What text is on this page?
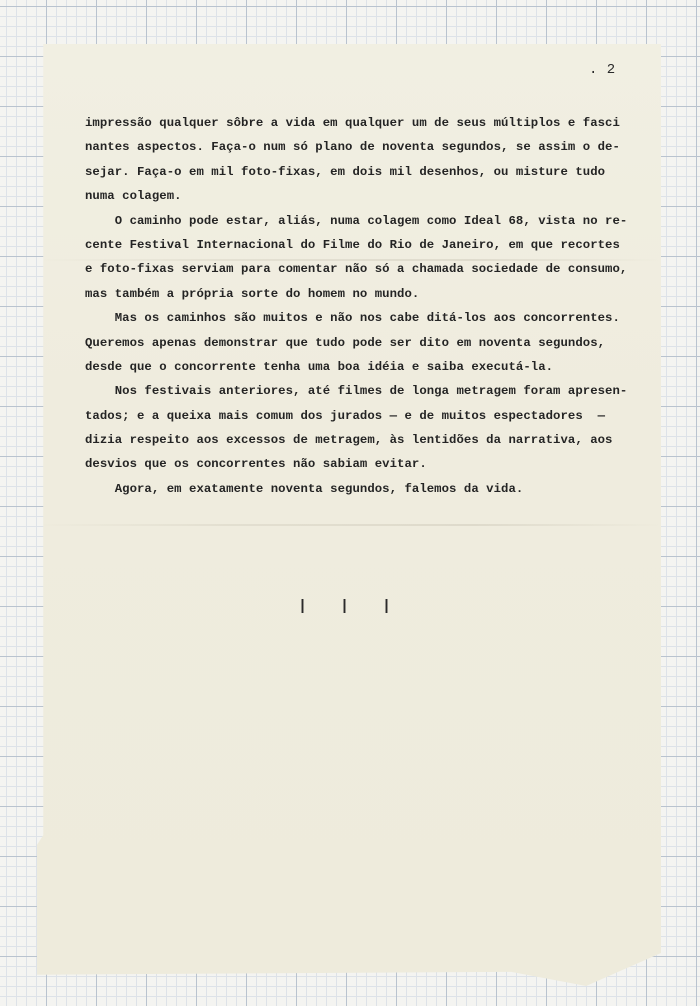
. 2

impressão qualquer sôbre a vida em qualquer um de seus múltiplos e fasci

nantes aspectos. Faça-o num só plano de noventa segundos, se assim o de-

sejar. Faça-o em mil foto-fixas, em dois mil desenhos, ou misture tudo

numa colagem.

O caminho pode estar, aliás, numa colagem como Ideal 68, vista no re-

cente Festival Internacional do Filme do Rio de Janeiro, em que recortes

e foto-fixas serviam para comentar não só a chamada sociedade de consumo,

mas também a própria sorte do homem no mundo.

Mas os caminhos são muitos e não nos cabe ditá-los aos concorrentes.

Queremos apenas demonstrar que tudo pode ser dito em noventa segundos,

desde que o concorrente tenha uma boa idéia e saiba executá-la.

Nos festivais anteriores, até filmes de longa metragem foram apresen-

tados; e a queixa mais comum dos jurados — e de muitos espectadores  —

dizia respeito aos excessos de metragem, às lentidões da narrativa, aos

desvios que os concorrentes não sabiam evitar.

Agora, em exatamente noventa segundos, falemos da vida.

| | |
